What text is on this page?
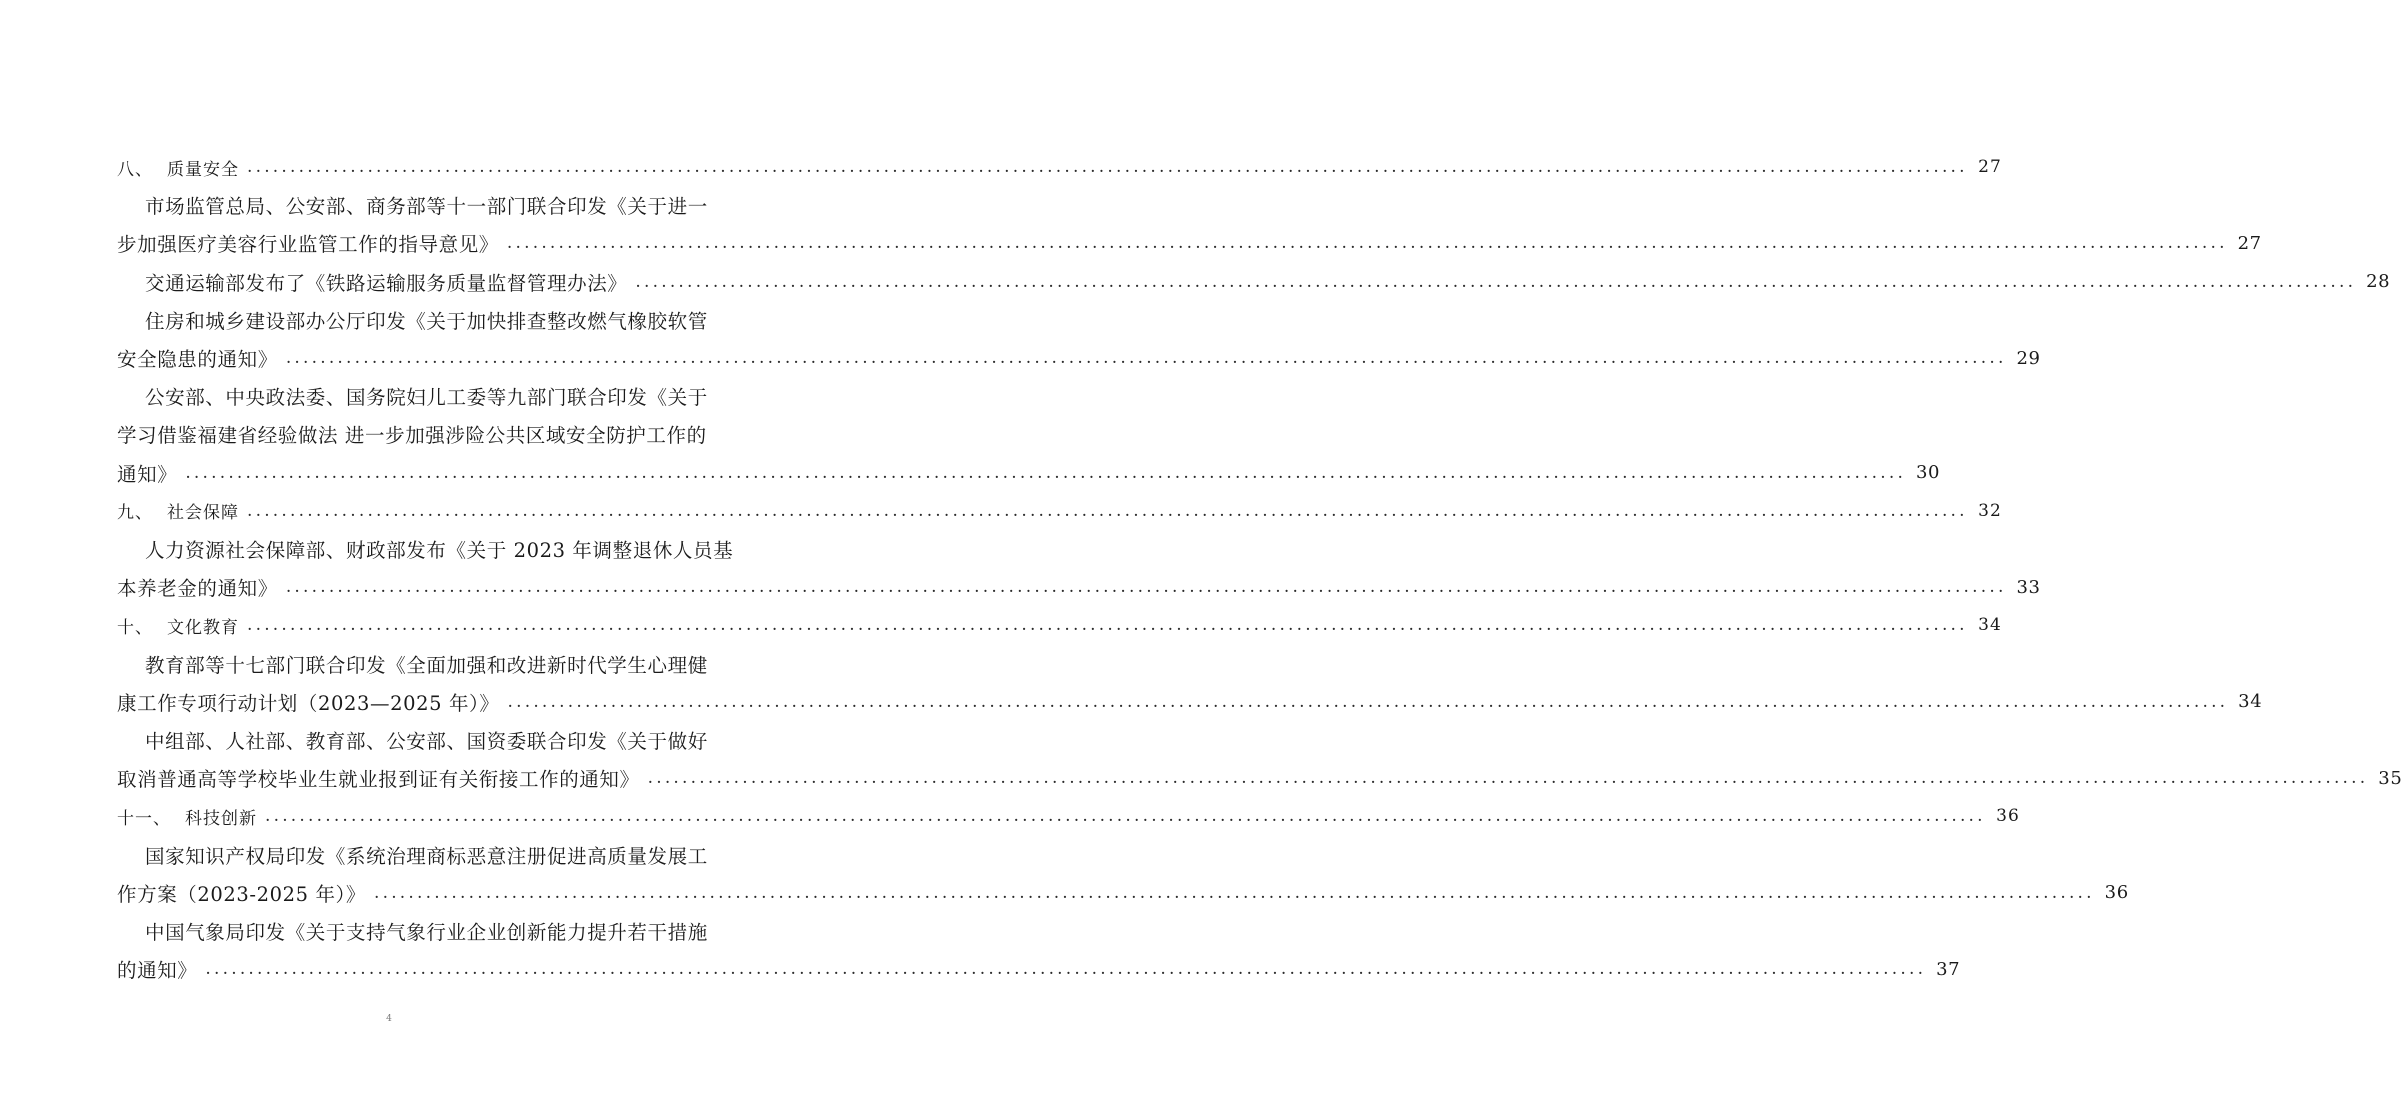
八、 质量安全 ........................................................................................................................................................................................................ 27
市场监管总局、公安部、商务部等十一部门联合印发《关于进一
步加强医疗美容行业监管工作的指导意见》 ........................................................................................................................................................................................................ 27
交通运输部发布了《铁路运输服务质量监督管理办法》 ........................................................................................................................................................................................................ 28
住房和城乡建设部办公厅印发《关于加快排查整改燃气橡胶软管
安全隐患的通知》 ........................................................................................................................................................................................................ 29
公安部、中央政法委、国务院妇儿工委等九部门联合印发《关于
学习借鉴福建省经验做法 进一步加强涉险公共区域安全防护工作的
通知》 ........................................................................................................................................................................................................ 30
九、 社会保障 ........................................................................................................................................................................................................ 32
人力资源社会保障部、财政部发布《关于 2023 年调整退休人员基
本养老金的通知》 ........................................................................................................................................................................................................ 33
十、 文化教育 ........................................................................................................................................................................................................ 34
教育部等十七部门联合印发《全面加强和改进新时代学生心理健
康工作专项行动计划（2023—2025 年）》 ........................................................................................................................................................................................................ 34
中组部、人社部、教育部、公安部、国资委联合印发《关于做好
取消普通高等学校毕业生就业报到证有关衔接工作的通知》 ........................................................................................................................................................................................................ 35
十一、 科技创新 ........................................................................................................................................................................................................ 36
国家知识产权局印发《系统治理商标恶意注册促进高质量发展工
作方案（2023-2025 年）》 ........................................................................................................................................................................................................ 36
中国气象局印发《关于支持气象行业企业创新能力提升若干措施
的通知》 ........................................................................................................................................................................................................ 37
4
